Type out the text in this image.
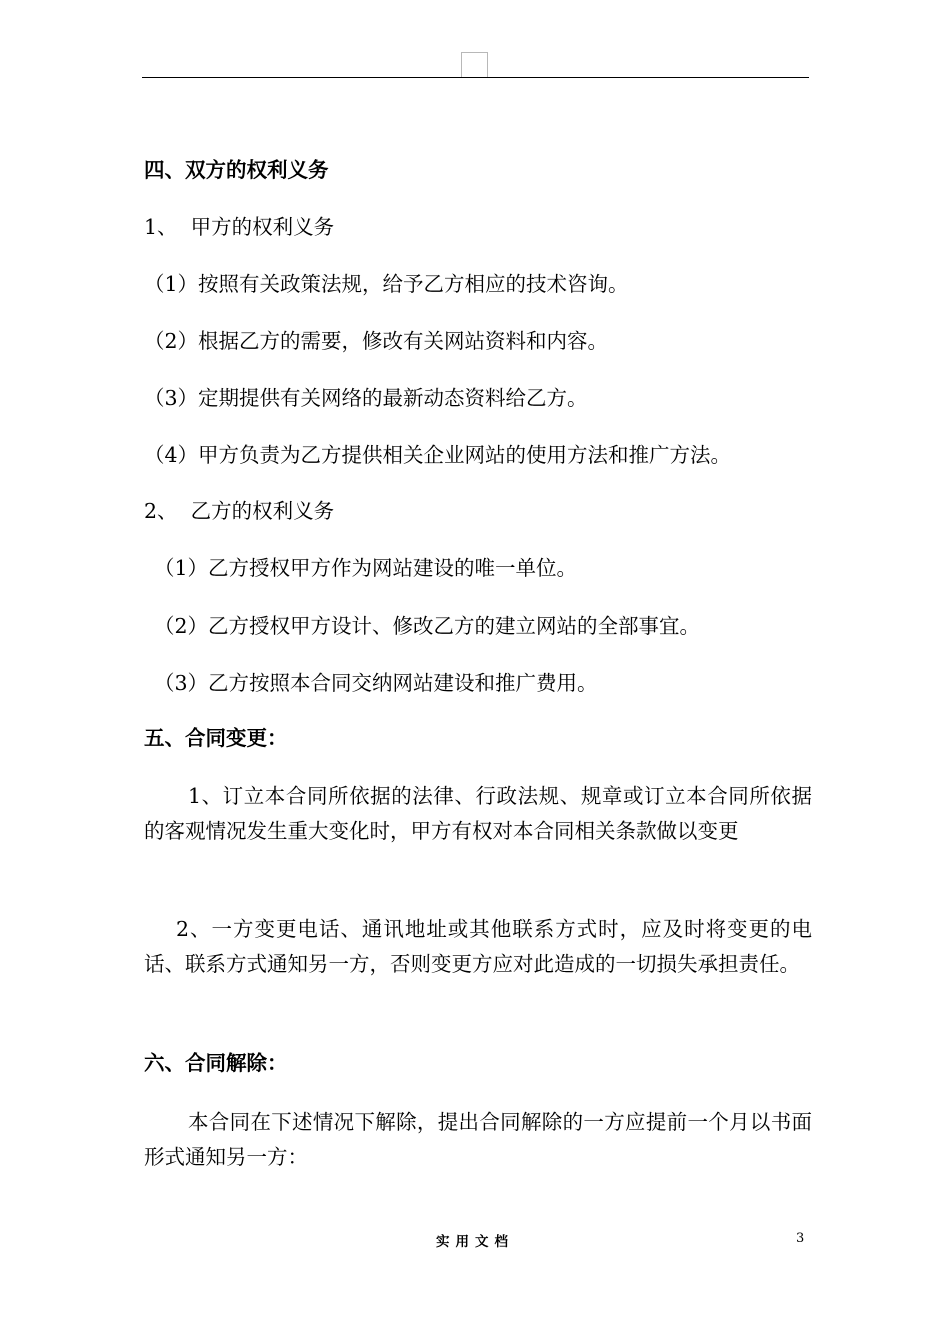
四、双方的权利义务
1、  甲方的权利义务
（1）按照有关政策法规，给予乙方相应的技术咨询。
（2）根据乙方的需要，修改有关网站资料和内容。
（3）定期提供有关网络的最新动态资料给乙方。
（4）甲方负责为乙方提供相关企业网站的使用方法和推广方法。
2、  乙方的权利义务
（1）乙方授权甲方作为网站建设的唯一单位。
（2）乙方授权甲方设计、修改乙方的建立网站的全部事宜。
（3）乙方按照本合同交纳网站建设和推广费用。
五、合同变更：
1、订立本合同所依据的法律、行政法规、规章或订立本合同所依据的客观情况发生重大变化时，甲方有权对本合同相关条款做以变更
2、一方变更电话、通讯地址或其他联系方式时，应及时将变更的电话、联系方式通知另一方，否则变更方应对此造成的一切损失承担责任。
六、合同解除：
本合同在下述情况下解除，提出合同解除的一方应提前一个月以书面形式通知另一方：
实用文档	3
